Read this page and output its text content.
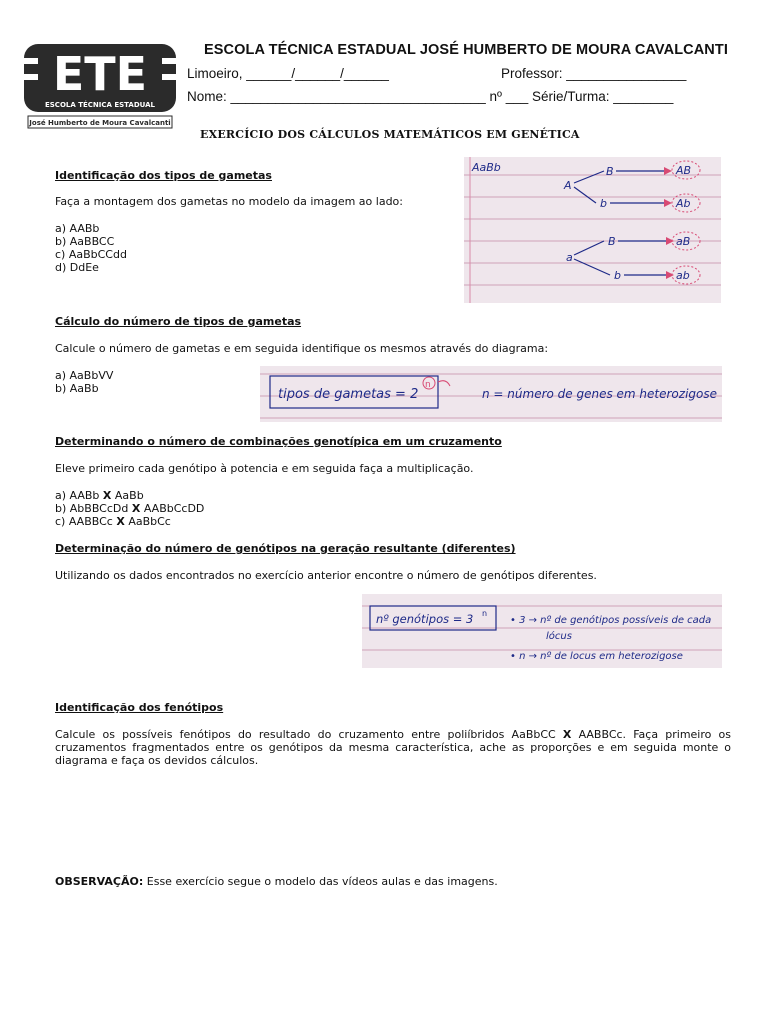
ETE
ESCOLA TÉCNICA ESTADUAL
José Humberto de Moura Cavalcanti
ESCOLA TÉCNICA ESTADUAL JOSÉ HUMBERTO DE MOURA CAVALCANTI
Limoeiro, ______/______/______	Professor: ________________
Nome: __________________________________ nº ___ Série/Turma: ________
EXERCÍCIO DOS CÁLCULOS MATEMÁTICOS EM GENÉTICA
Identificação dos tipos de gametas
Faça a montagem dos gametas no modelo da imagem ao lado:
a) AABb
b) AaBBCC
c) AaBbCCdd
d) DdEe
AaBb
A
B
b
AB
Ab
a
B
b
aB
ab
Cálculo do número de tipos de gametas
Calcule o número de gametas e em seguida identifique os mesmos através do diagrama:
a) AaBbVV
b) AaBb	tipos de gametas = 2
n
n = número de genes em heterozigose
Determinando o número de combinações genotípica em um cruzamento
Eleve primeiro cada genótipo à potencia e em seguida faça a multiplicação.
a) AABb X AaBb
b) AbBBCcDd X AABbCcDD
c) AABBCc X AaBbCc
Determinação do número de genótipos na geração resultante (diferentes)
Utilizando os dados encontrados no exercício anterior encontre o número de genótipos diferentes.
nº genótipos = 3 n
• 3 → nº de genótipos possíveis de cada
lócus
• n → nº de locus em heterozigose
Identificação dos fenótipos
Calcule os possíveis fenótipos do resultado do cruzamento entre poliíbridos AaBbCC X AABBCc. Faça primeiro os cruzamentos fragmentados entre os genótipos da mesma característica, ache as proporções e em seguida monte o diagrama e faça os devidos cálculos.
OBSERVAÇÃO: Esse exercício segue o modelo das vídeos aulas e das imagens.
